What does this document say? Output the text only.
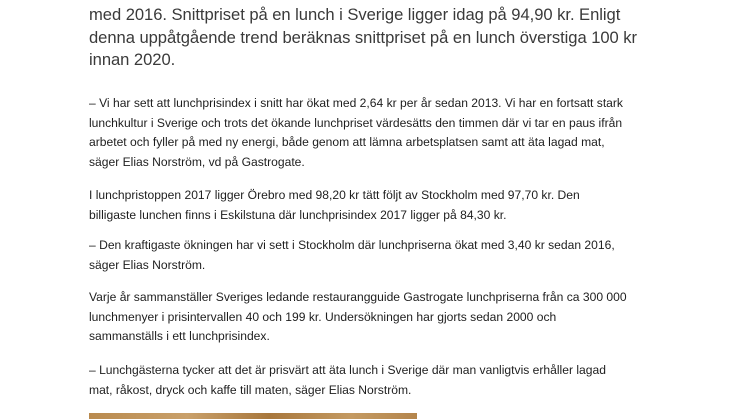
med 2016. Snittpriset på en lunch i Sverige ligger idag på 94,90 kr. Enligt
denna uppåtgående trend beräknas snittpriset på en lunch överstiga 100 kr
innan 2020.

– Vi har sett att lunchprisindex i snitt har ökat med 2,64 kr per år sedan 2013. Vi har en fortsatt stark
lunchkultur i Sverige och trots det ökande lunchpriset värdesätts den timmen där vi tar en paus ifrån
arbetet och fyller på med ny energi, både genom att lämna arbetsplatsen samt att äta lagad mat,
säger Elias Norström, vd på Gastrogate.

I lunchpristoppen 2017 ligger Örebro med 98,20 kr tätt följt av Stockholm med 97,70 kr. Den
billigaste lunchen finns i Eskilstuna där lunchprisindex 2017 ligger på 84,30 kr.

– Den kraftigaste ökningen har vi sett i Stockholm där lunchpriserna ökat med 3,40 kr sedan 2016,
säger Elias Norström.

Varje år sammanställer Sveriges ledande restaurangguide Gastrogate lunchpriserna från ca 300 000
lunchmenyer i prisintervallen 40 och 199 kr. Undersökningen har gjorts sedan 2000 och
sammanställs i ett lunchprisindex.

– Lunchgästerna tycker att det är prisvärt att äta lunch i Sverige där man vanligtvis erhåller lagad
mat, råkost, dryck och kaffe till maten, säger Elias Norström.
